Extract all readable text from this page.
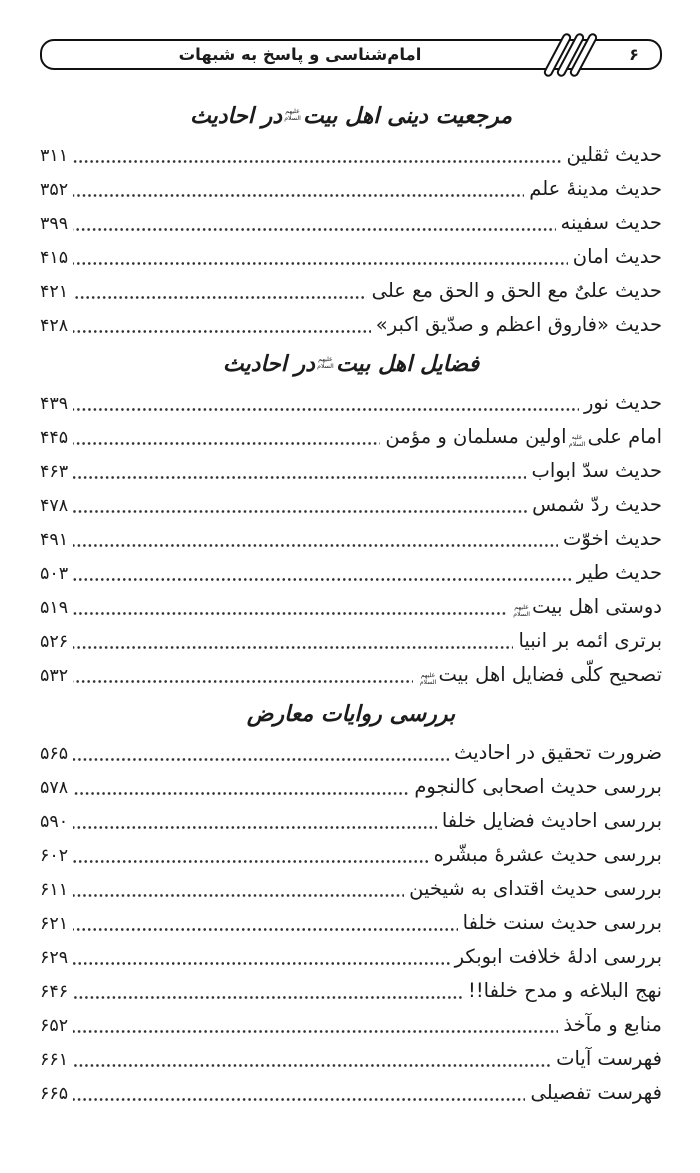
امام‌شناسی و پاسخ به شبهات	۶
مرجعیت دینی اهل بیت
علیهم السلام
در احادیث
حدیث ثقلین
۳۱۱
حدیث مدینهٔ علم
۳۵۲
حدیث سفینه
۳۹۹
حدیث امان
۴۱۵
حدیث علیٌ مع الحق و الحق مع علی
۴۲۱
حدیث «فاروق اعظم و صدّیق اکبر»
۴۲۸
فضایل اهل بیت
علیهم السلام
در احادیث
حدیث نور
۴۳۹
امام علیعلیه السلاماولین مسلمان و مؤمن
۴۴۵
حدیث سدّ ابواب
۴۶۳
حدیث ردّ شمس
۴۷۸
حدیث اخوّت
۴۹۱
حدیث طیر
۵۰۳
دوستی اهل بیتعلیهم السلام
۵۱۹
برتری ائمه بر انبیا
۵۲۶
تصحیح کلّی فضایل اهل بیتعلیهم السلام
۵۳۲
بررسی روایات معارض
ضرورت تحقیق در احادیث
۵۶۵
بررسی حدیث اصحابی کالنجوم
۵۷۸
بررسی احادیث فضایل خلفا
۵۹۰
بررسی حدیث عشرهٔ مبشّره
۶۰۲
بررسی حدیث اقتدای به شیخین
۶۱۱
بررسی حدیث سنت خلفا
۶۲۱
بررسی ادلهٔ خلافت ابوبکر
۶۲۹
نهج البلاغه و مدح خلفا!!
۶۴۶
منابع و مآخذ
۶۵۲
فهرست آیات
۶۶۱
فهرست تفصیلی
۶۶۵
